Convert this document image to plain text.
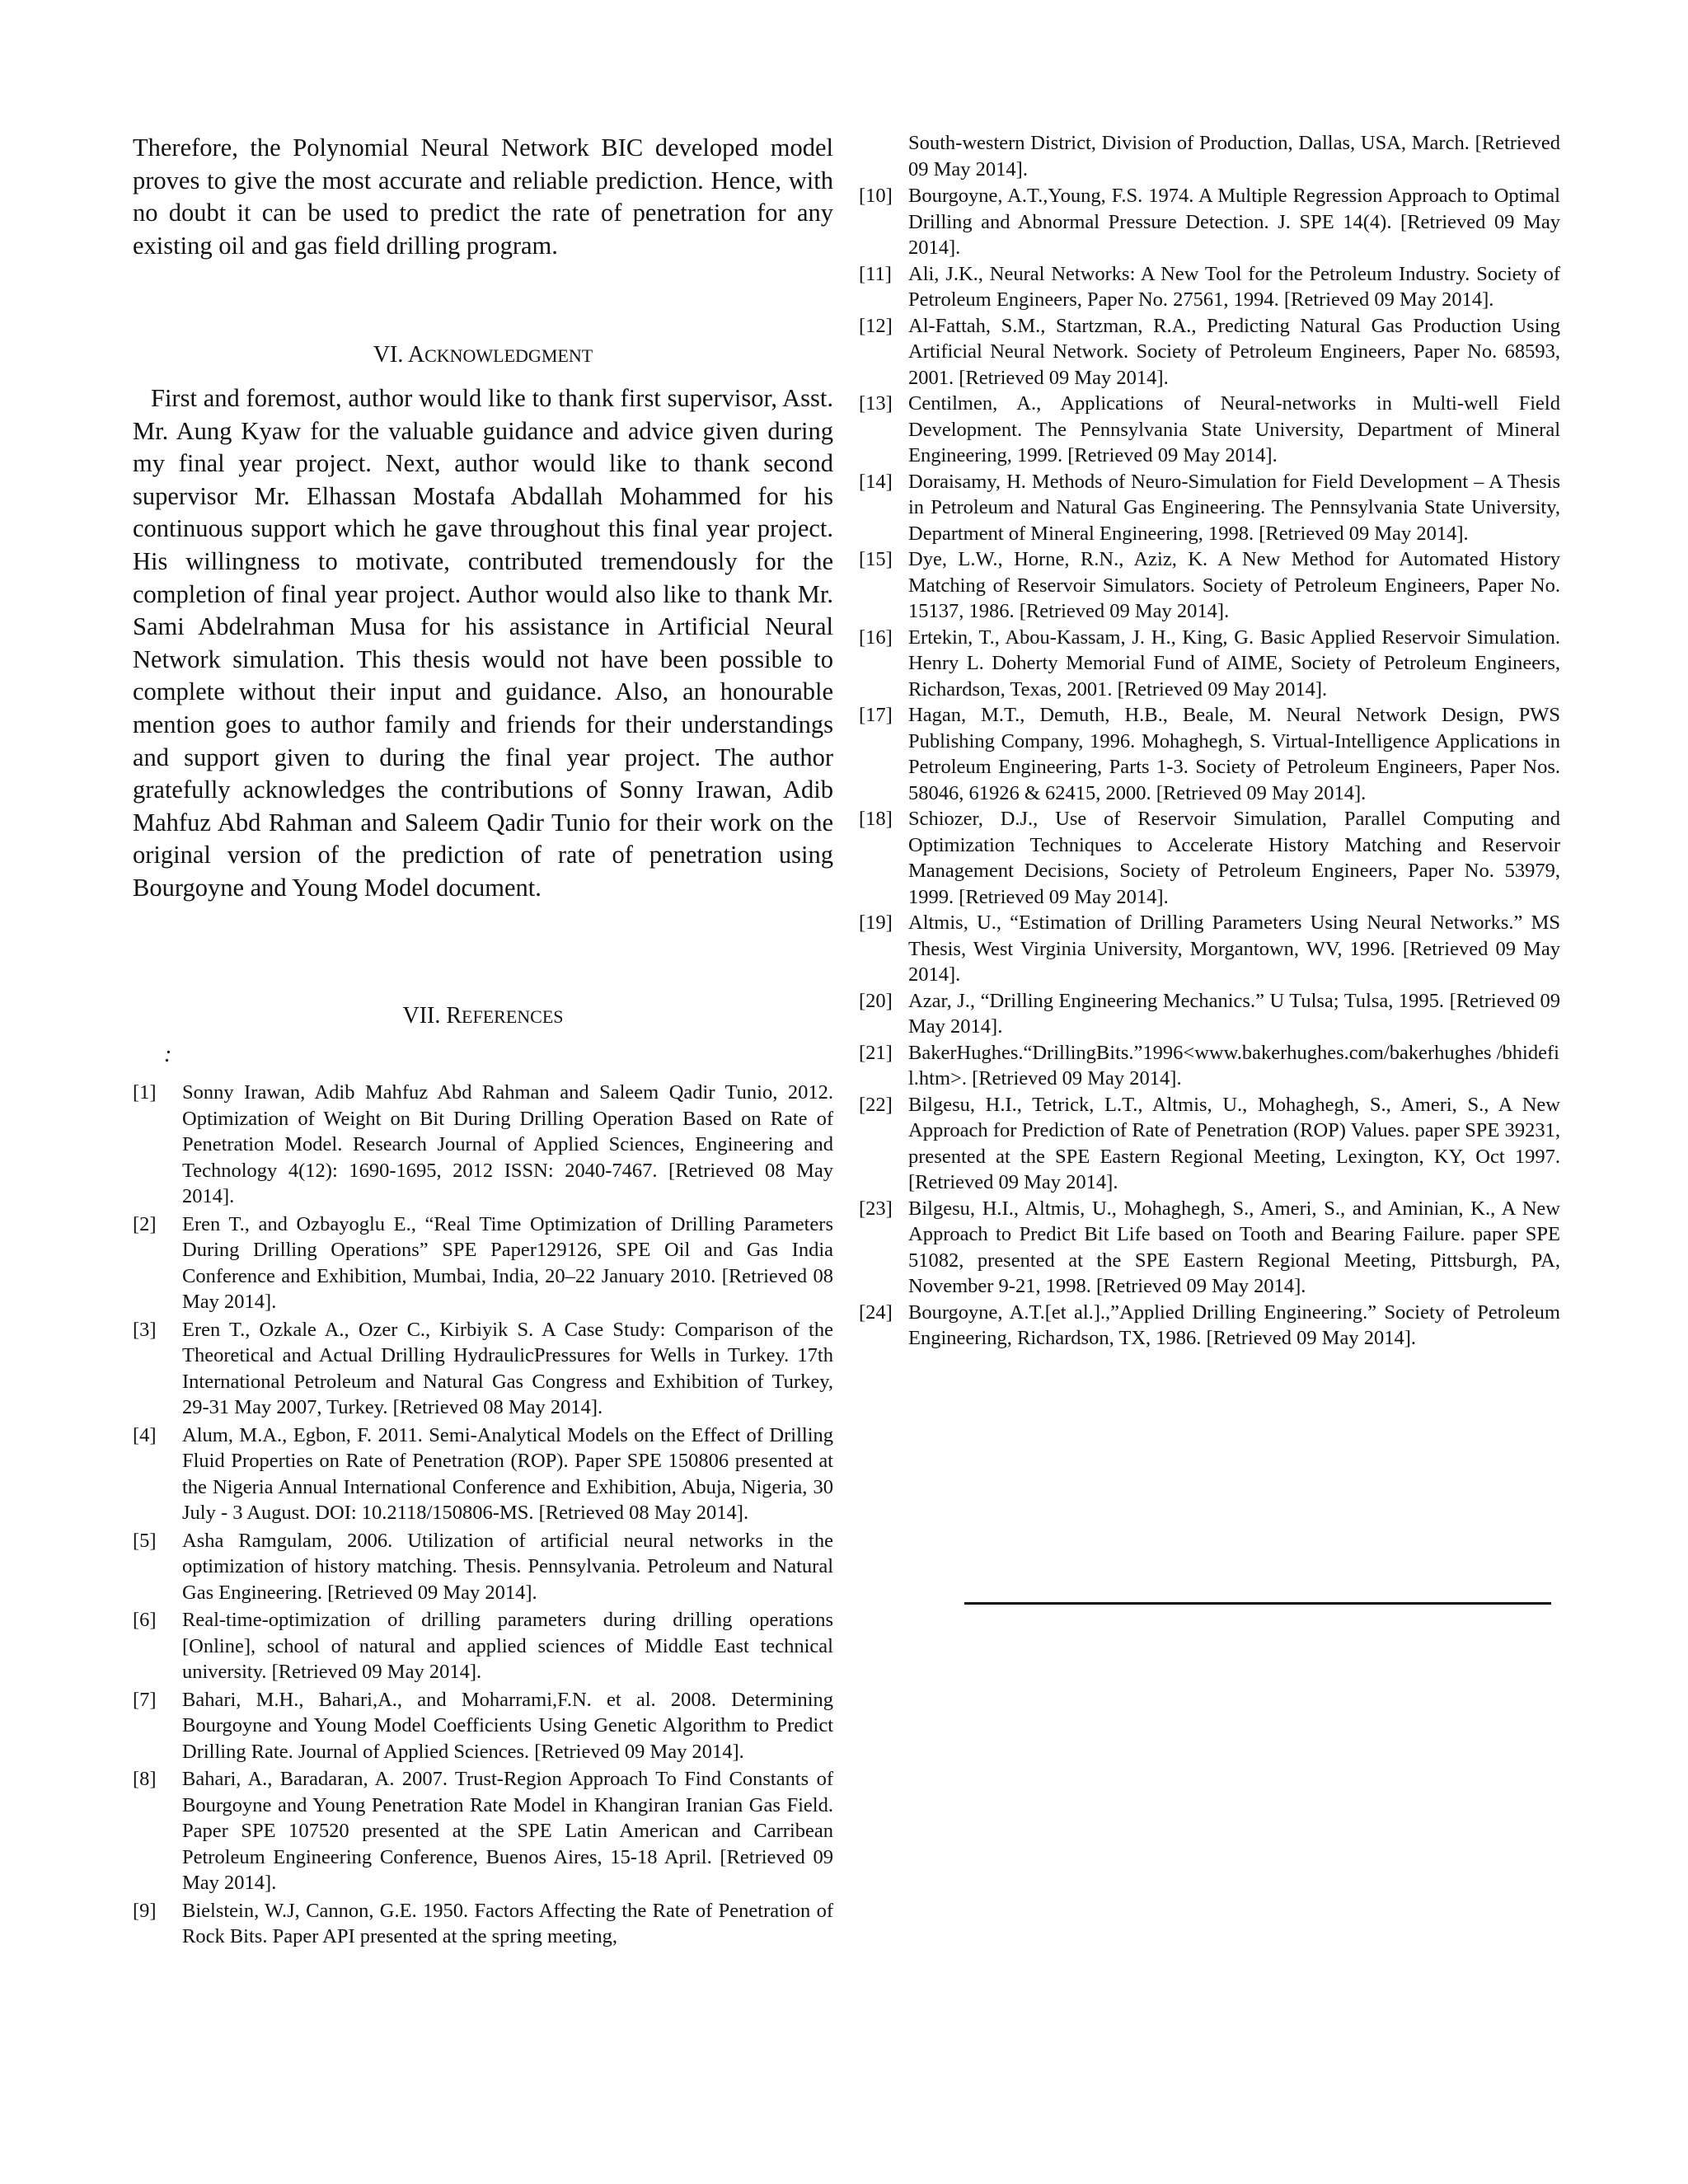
Therefore, the Polynomial Neural Network BIC developed model proves to give the most accurate and reliable prediction. Hence, with no doubt it can be used to predict the rate of penetration for any existing oil and gas field drilling program.

VI. ACKNOWLEDGMENT

First and foremost, author would like to thank first supervisor, Asst. Mr. Aung Kyaw for the valuable guidance and advice given during my final year project. Next, author would like to thank second supervisor Mr. Elhassan Mostafa Abdallah Mohammed for his continuous support which he gave throughout this final year project. His willingness to motivate, contributed tremendously for the completion of final year project. Author would also like to thank Mr. Sami Abdelrahman Musa for his assistance in Artificial Neural Network simulation. This thesis would not have been possible to complete without their input and guidance. Also, an honourable mention goes to author family and friends for their understandings and support given to during the final year project. The author gratefully acknowledges the contributions of Sonny Irawan, Adib Mahfuz Abd Rahman and Saleem Qadir Tunio for their work on the original version of the prediction of rate of penetration using Bourgoyne and Young Model document.

VII. REFERENCES
:
[1]	Sonny Irawan, Adib Mahfuz Abd Rahman and Saleem Qadir Tunio, 2012. Optimization of Weight on Bit During Drilling Operation Based on Rate of Penetration Model. Research Journal of Applied Sciences, Engineering and Technology 4(12): 1690-1695, 2012 ISSN: 2040-7467. [Retrieved 08 May 2014].
[2]	Eren T., and Ozbayoglu E., “Real Time Optimization of Drilling Parameters During Drilling Operations” SPE Paper129126, SPE Oil and Gas India Conference and Exhibition, Mumbai, India, 20–22 January 2010. [Retrieved 08 May 2014].
[3]	Eren T., Ozkale A., Ozer C., Kirbiyik S. A Case Study: Comparison of the Theoretical and Actual Drilling HydraulicPressures for Wells in Turkey. 17th International Petroleum and Natural Gas Congress and Exhibition of Turkey, 29-31 May 2007, Turkey. [Retrieved 08 May 2014].
[4]	Alum, M.A., Egbon, F. 2011. Semi-Analytical Models on the Effect of Drilling Fluid Properties on Rate of Penetration (ROP). Paper SPE 150806 presented at the Nigeria Annual International Conference and Exhibition, Abuja, Nigeria, 30 July - 3 August. DOI: 10.2118/150806-MS. [Retrieved 08 May 2014].
[5]	Asha Ramgulam, 2006. Utilization of artificial neural networks in the optimization of history matching. Thesis. Pennsylvania. Petroleum and Natural Gas Engineering. [Retrieved 09 May 2014].
[6]	Real-time-optimization of drilling parameters during drilling operations [Online], school of natural and applied sciences of Middle East technical university. [Retrieved 09 May 2014].
[7]	Bahari, M.H., Bahari,A., and Moharrami,F.N. et al. 2008. Determining Bourgoyne and Young Model Coefficients Using Genetic Algorithm to Predict Drilling Rate. Journal of Applied Sciences. [Retrieved 09 May 2014].
[8]	Bahari, A., Baradaran, A. 2007. Trust-Region Approach To Find Constants of Bourgoyne and Young Penetration Rate Model in Khangiran Iranian Gas Field. Paper SPE 107520 presented at the SPE Latin American and Carribean Petroleum Engineering Conference, Buenos Aires, 15-18 April. [Retrieved 09 May 2014].
[9]	Bielstein, W.J, Cannon, G.E. 1950. Factors Affecting the Rate of Penetration of Rock Bits. Paper API presented at the spring meeting,

South-western District, Division of Production, Dallas, USA, March. [Retrieved 09 May 2014].

[10] Bourgoyne, A.T.,Young, F.S. 1974. A Multiple Regression Approach to Optimal Drilling and Abnormal Pressure Detection. J. SPE 14(4). [Retrieved 09 May 2014].
[11] Ali, J.K., Neural Networks: A New Tool for the Petroleum Industry. Society of Petroleum Engineers, Paper No. 27561, 1994. [Retrieved 09 May 2014].
[12] Al-Fattah, S.M., Startzman, R.A., Predicting Natural Gas Production Using Artificial Neural Network. Society of Petroleum Engineers, Paper No. 68593, 2001. [Retrieved 09 May 2014].
[13] Centilmen, A., Applications of Neural-networks in Multi-well Field Development. The Pennsylvania State University, Department of Mineral Engineering, 1999. [Retrieved 09 May 2014].
[14] Doraisamy, H. Methods of Neuro-Simulation for Field Development – A Thesis in Petroleum and Natural Gas Engineering. The Pennsylvania State University, Department of Mineral Engineering, 1998. [Retrieved 09 May 2014].
[15] Dye, L.W., Horne, R.N., Aziz, K. A New Method for Automated History Matching of Reservoir Simulators. Society of Petroleum Engineers, Paper No. 15137, 1986. [Retrieved 09 May 2014].
[16] Ertekin, T., Abou-Kassam, J. H., King, G. Basic Applied Reservoir Simulation. Henry L. Doherty Memorial Fund of AIME, Society of Petroleum Engineers, Richardson, Texas, 2001. [Retrieved 09 May 2014].
[17] Hagan, M.T., Demuth, H.B., Beale, M. Neural Network Design, PWS Publishing Company, 1996. Mohaghegh, S. Virtual-Intelligence Applications in Petroleum Engineering, Parts 1-3. Society of Petroleum Engineers, Paper Nos. 58046, 61926 & 62415, 2000. [Retrieved 09 May 2014].
[18] Schiozer, D.J., Use of Reservoir Simulation, Parallel Computing and Optimization Techniques to Accelerate History Matching and Reservoir Management Decisions, Society of Petroleum Engineers, Paper No. 53979, 1999. [Retrieved 09 May 2014].
[19] Altmis, U., “Estimation of Drilling Parameters Using Neural Networks.” MS Thesis, West Virginia University, Morgantown, WV, 1996. [Retrieved 09 May 2014].
[20] Azar, J., “Drilling Engineering Mechanics.” U Tulsa; Tulsa, 1995. [Retrieved 09 May 2014].
[21] BakerHughes.“DrillingBits.”1996<www.bakerhughes.com/bakerhughes /bhidefil.htm>. [Retrieved 09 May 2014].
[22] Bilgesu, H.I., Tetrick, L.T., Altmis, U., Mohaghegh, S., Ameri, S., A New Approach for Prediction of Rate of Penetration (ROP) Values. paper SPE 39231, presented at the SPE Eastern Regional Meeting, Lexington, KY, Oct 1997. [Retrieved 09 May 2014].
[23] Bilgesu, H.I., Altmis, U., Mohaghegh, S., Ameri, S., and Aminian, K., A New Approach to Predict Bit Life based on Tooth and Bearing Failure. paper SPE 51082, presented at the SPE Eastern Regional Meeting, Pittsburgh, PA, November 9-21, 1998. [Retrieved 09 May 2014].
[24] Bourgoyne, A.T.[et al.].,”Applied Drilling Engineering.” Society of Petroleum Engineering, Richardson, TX, 1986. [Retrieved 09 May 2014].
